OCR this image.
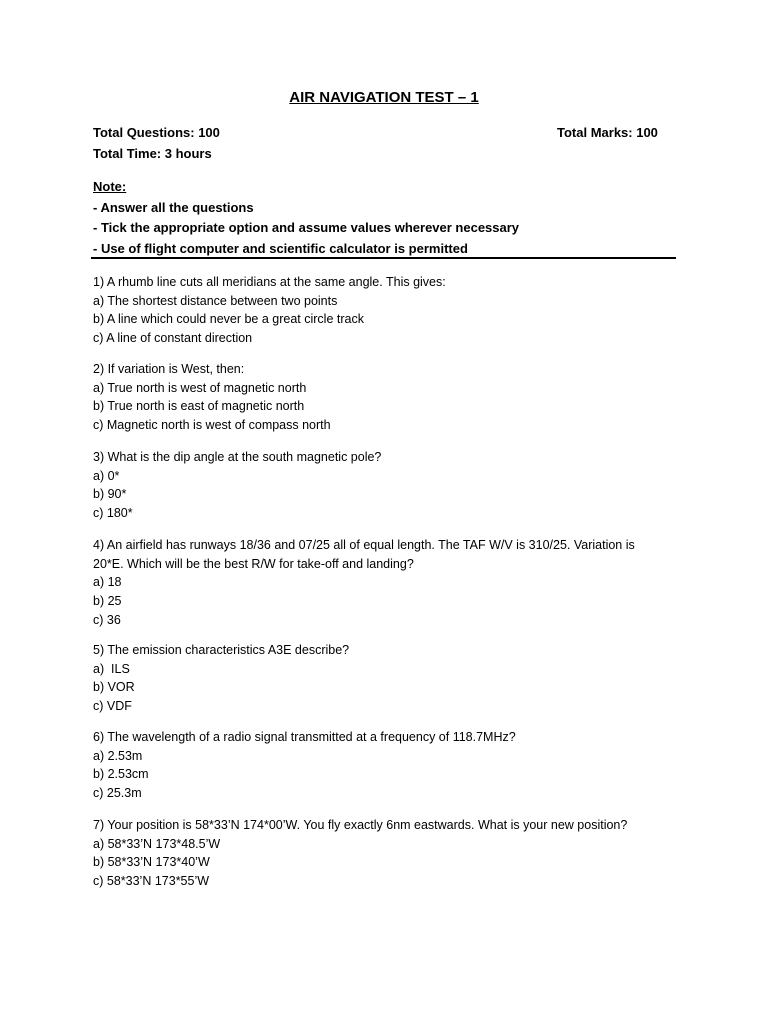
AIR NAVIGATION TEST – 1
Total Questions: 100	Total Marks: 100
Total Time: 3 hours
Note:
- Answer all the questions
- Tick the appropriate option and assume values wherever necessary
- Use of flight computer and scientific calculator is permitted
1) A rhumb line cuts all meridians at the same angle. This gives:
a) The shortest distance between two points
b) A line which could never be a great circle track
c) A line of constant direction
2) If variation is West, then:
a) True north is west of magnetic north
b) True north is east of magnetic north
c) Magnetic north is west of compass north
3) What is the dip angle at the south magnetic pole?
a) 0*
b) 90*
c) 180*
4) An airfield has runways 18/36 and 07/25 all of equal length. The TAF W/V is 310/25. Variation is
20*E. Which will be the best R/W for take-off and landing?
a) 18
b) 25
c) 36
5) The emission characteristics A3E describe?
a)  ILS
b) VOR
c) VDF
6) The wavelength of a radio signal transmitted at a frequency of 118.7MHz?
a) 2.53m
b) 2.53cm
c) 25.3m
7) Your position is 58*33’N 174*00’W. You fly exactly 6nm eastwards. What is your new position?
a) 58*33’N 173*48.5’W
b) 58*33’N 173*40’W
c) 58*33’N 173*55’W
